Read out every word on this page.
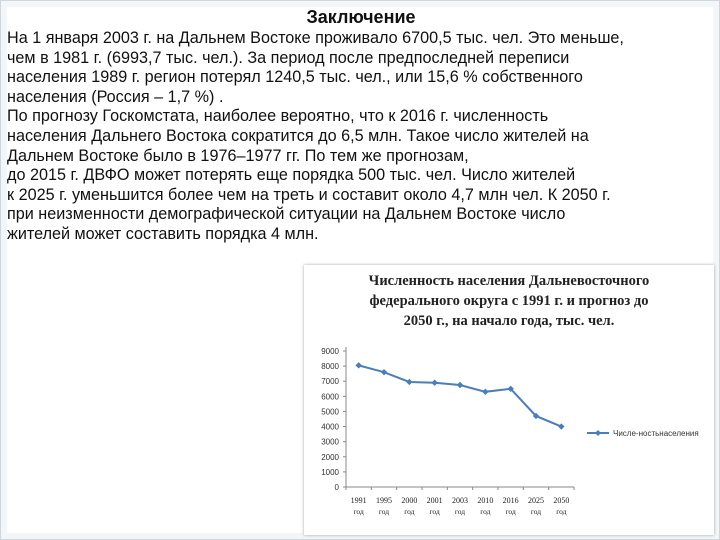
Заключение

На 1 января 2003 г. на Дальнем Востоке проживало 6700,5 тыс. чел. Это меньше,

чем в 1981 г. (6993,7 тыс. чел.). За период после предпоследней переписи

населения 1989 г. регион потерял 1240,5 тыс. чел., или 15,6 % собственного

населения (Россия – 1,7 %) .

По прогнозу Госкомстата, наиболее вероятно, что к 2016 г. численность

населения Дальнего Востока сократится до 6,5 млн. Такое число жителей на

Дальнем Востоке было в 1976–1977 гг. По тем же прогнозам,

до 2015 г. ДВФО может потерять еще порядка 500 тыс. чел. Число жителей

к 2025 г. уменьшится более чем на треть и составит около 4,7 млн чел. К 2050 г.

при неизменности демографической ситуации на Дальнем Востоке число

жителей может составить порядка 4 млн.

Численность населения Дальневосточного
федерального округа с 1991 г. и прогноз до
2050 г., на начало года, тыс. чел.
9000
8000
7000
6000
5000
4000
3000
2000
1000
0
1991
год
1995
год
2000
год
2001
год
2003
год
2010
год
2016
год
2025
год
2050
год
Числе-ностьнаселения
